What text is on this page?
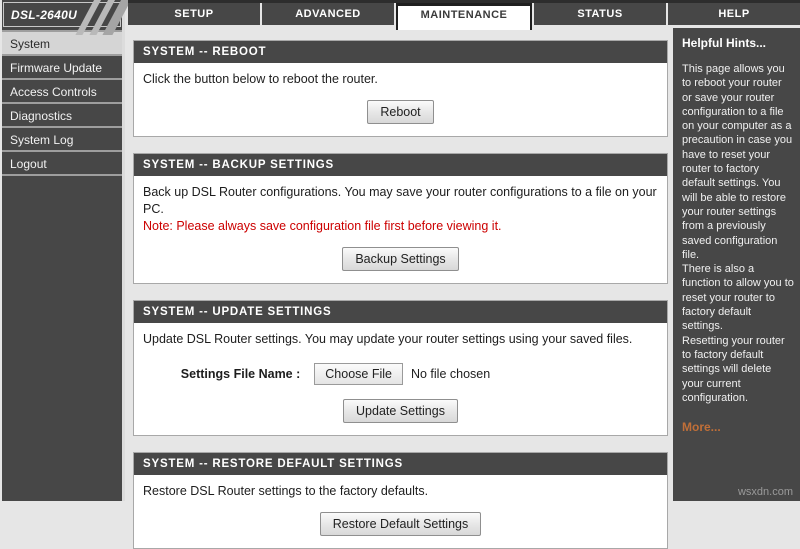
DSL-2640U
System
Firmware Update
Access Controls
Diagnostics
System Log
Logout
SETUP	ADVANCED	MAINTENANCE	STATUS	HELP
SYSTEM -- REBOOT
Click the button below to reboot the router.
Reboot
SYSTEM -- BACKUP SETTINGS
Back up DSL Router configurations. You may save your router configurations to a file on your PC.
Note: Please always save configuration file first before viewing it.
Backup Settings
SYSTEM -- UPDATE SETTINGS
Update DSL Router settings. You may update your router settings using your saved files.
Settings File Name :	Choose File	No file chosen
Update Settings
SYSTEM -- RESTORE DEFAULT SETTINGS
Restore DSL Router settings to the factory defaults.
Restore Default Settings
Helpful Hints...
This page allows you to reboot your router or save your router configuration to a file on your computer as a precaution in case you have to reset your router to factory default settings. You will be able to restore your router settings from a previously saved configuration file.
There is also a function to allow you to reset your router to factory default settings.
Resetting your router to factory default settings will delete your current configuration.
More...
wsxdn.com
